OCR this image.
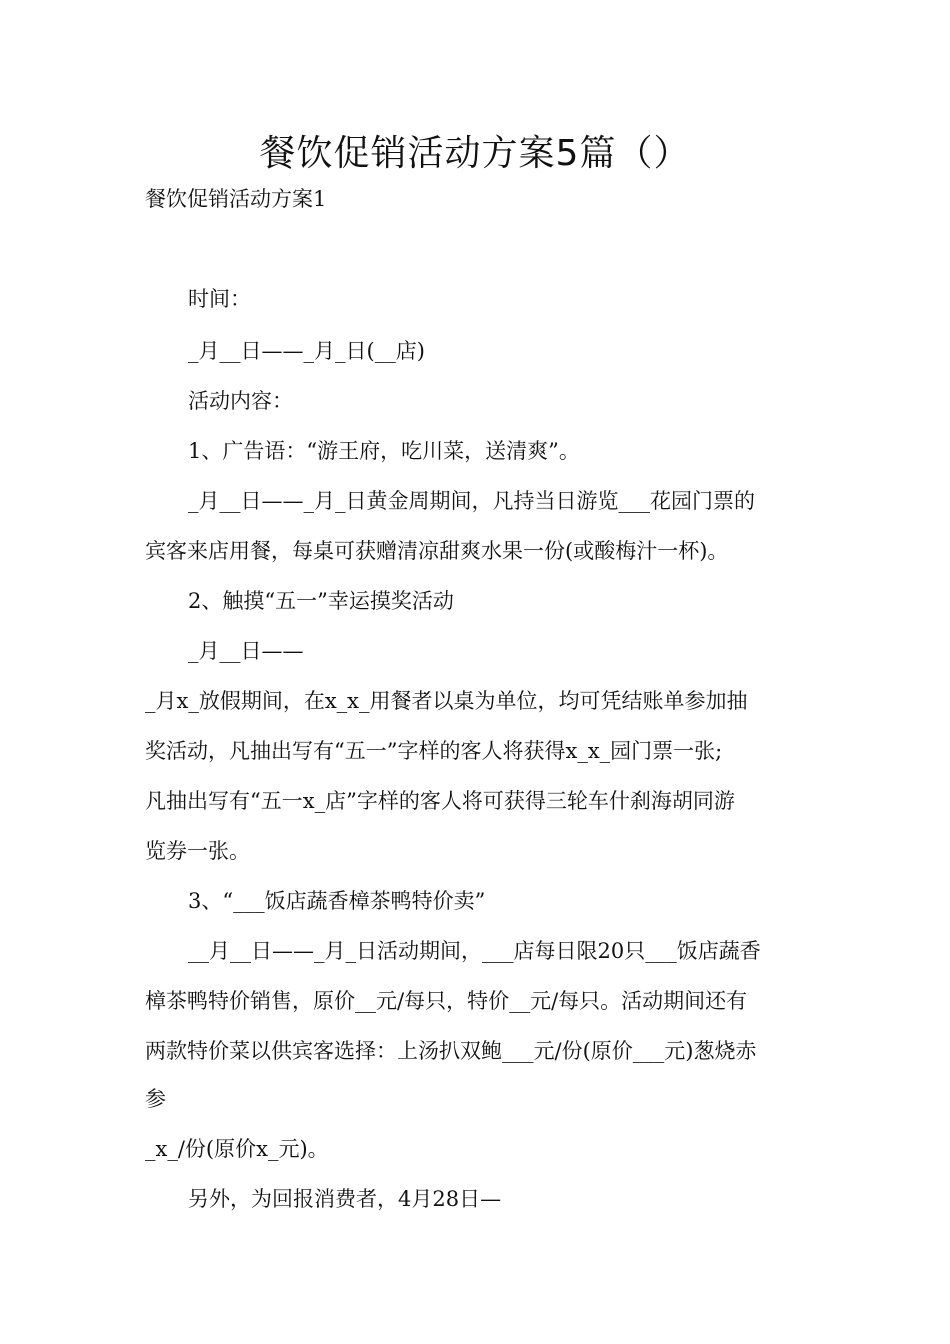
餐饮促销活动方案5篇（）
餐饮促销活动方案1
时间：
_月__日——_月_日(__店)
活动内容：
1、广告语：“游王府，吃川菜，送清爽”。
_月__日——_月_日黄金周期间，凡持当日游览___花园门票的
宾客来店用餐，每桌可获赠清凉甜爽水果一份(或酸梅汁一杯)。
2、触摸“五一”幸运摸奖活动
_月__日——
_月x_放假期间，在x_x_用餐者以桌为单位，均可凭结账单参加抽
奖活动，凡抽出写有“五一”字样的客人将获得x_x_园门票一张;
凡抽出写有“五一x_店”字样的客人将可获得三轮车什刹海胡同游
览券一张。
3、“___饭店蔬香樟茶鸭特价卖”
__月__日——_月_日活动期间，___店每日限20只___饭店蔬香
樟茶鸭特价销售，原价__元/每只，特价__元/每只。活动期间还有
两款特价菜以供宾客选择：上汤扒双鲍___元/份(原价___元)葱烧赤
参
_x_/份(原价x_元)。
另外，为回报消费者，4月28日—
